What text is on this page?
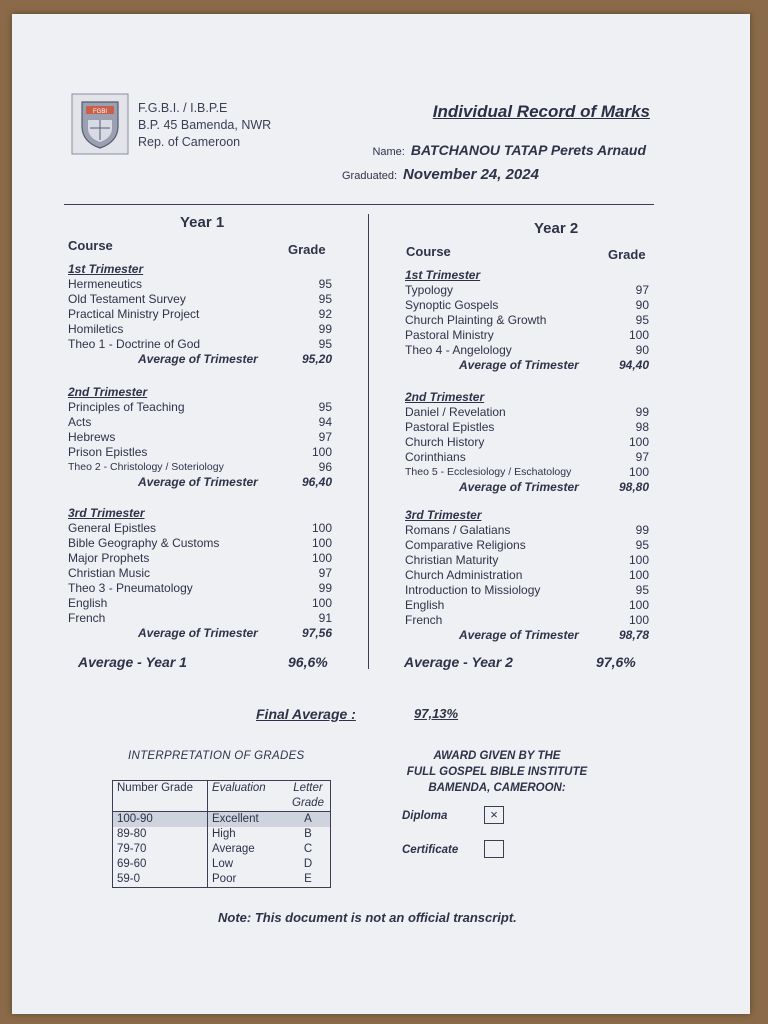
FGBI F.G.B.I. / I.B.P.E
B.P. 45 Bamenda, NWR
Rep. of Cameroon
Individual Record of Marks
Name: BATCHANOU TATAP Perets Arnaud
Graduated: November 24, 2024
Year 1
Course	Grade
1st Trimester
Hermeneutics	95
Old Testament Survey	95
Practical Ministry Project	92
Homiletics	99
Theo 1 - Doctrine of God	95
Average of Trimester	95,20
2nd Trimester
Principles of Teaching	95
Acts	94
Hebrews	97
Prison Epistles	100
Theo 2 - Christology / Soteriology	96
Average of Trimester	96,40
3rd Trimester
General Epistles	100
Bible Geography & Customs	100
Major Prophets	100
Christian Music	97
Theo 3 - Pneumatology	99
English	100
French	91
Average of Trimester	97,56
Average - Year 1	96,6%
Year 2
Course	Grade
1st Trimester
Typology	97
Synoptic Gospels	90
Church Plainting & Growth	95
Pastoral Ministry	100
Theo 4 - Angelology	90
Average of Trimester	94,40
2nd Trimester
Daniel / Revelation	99
Pastoral Epistles	98
Church History	100
Corinthians	97
Theo 5 - Ecclesiology / Eschatology	100
Average of Trimester	98,80
3rd Trimester
Romans / Galatians	99
Comparative Religions	95
Christian Maturity	100
Church Administration	100
Introduction to Missiology	95
English	100
French	100
Average of Trimester	98,78
Average - Year 2	97,6%
Final Average :	97,13%
INTERPRETATION OF GRADES
Number Grade	Evaluation	Letter Grade
100-90	Excellent	A
89-80	High	B
79-70	Average	C
69-60	Low	D
59-0	Poor	E
AWARD GIVEN BY THE
FULL GOSPEL BIBLE INSTITUTE
BAMENDA, CAMEROON:
Diploma	×
Certificate
Note: This document is not an official transcript.
